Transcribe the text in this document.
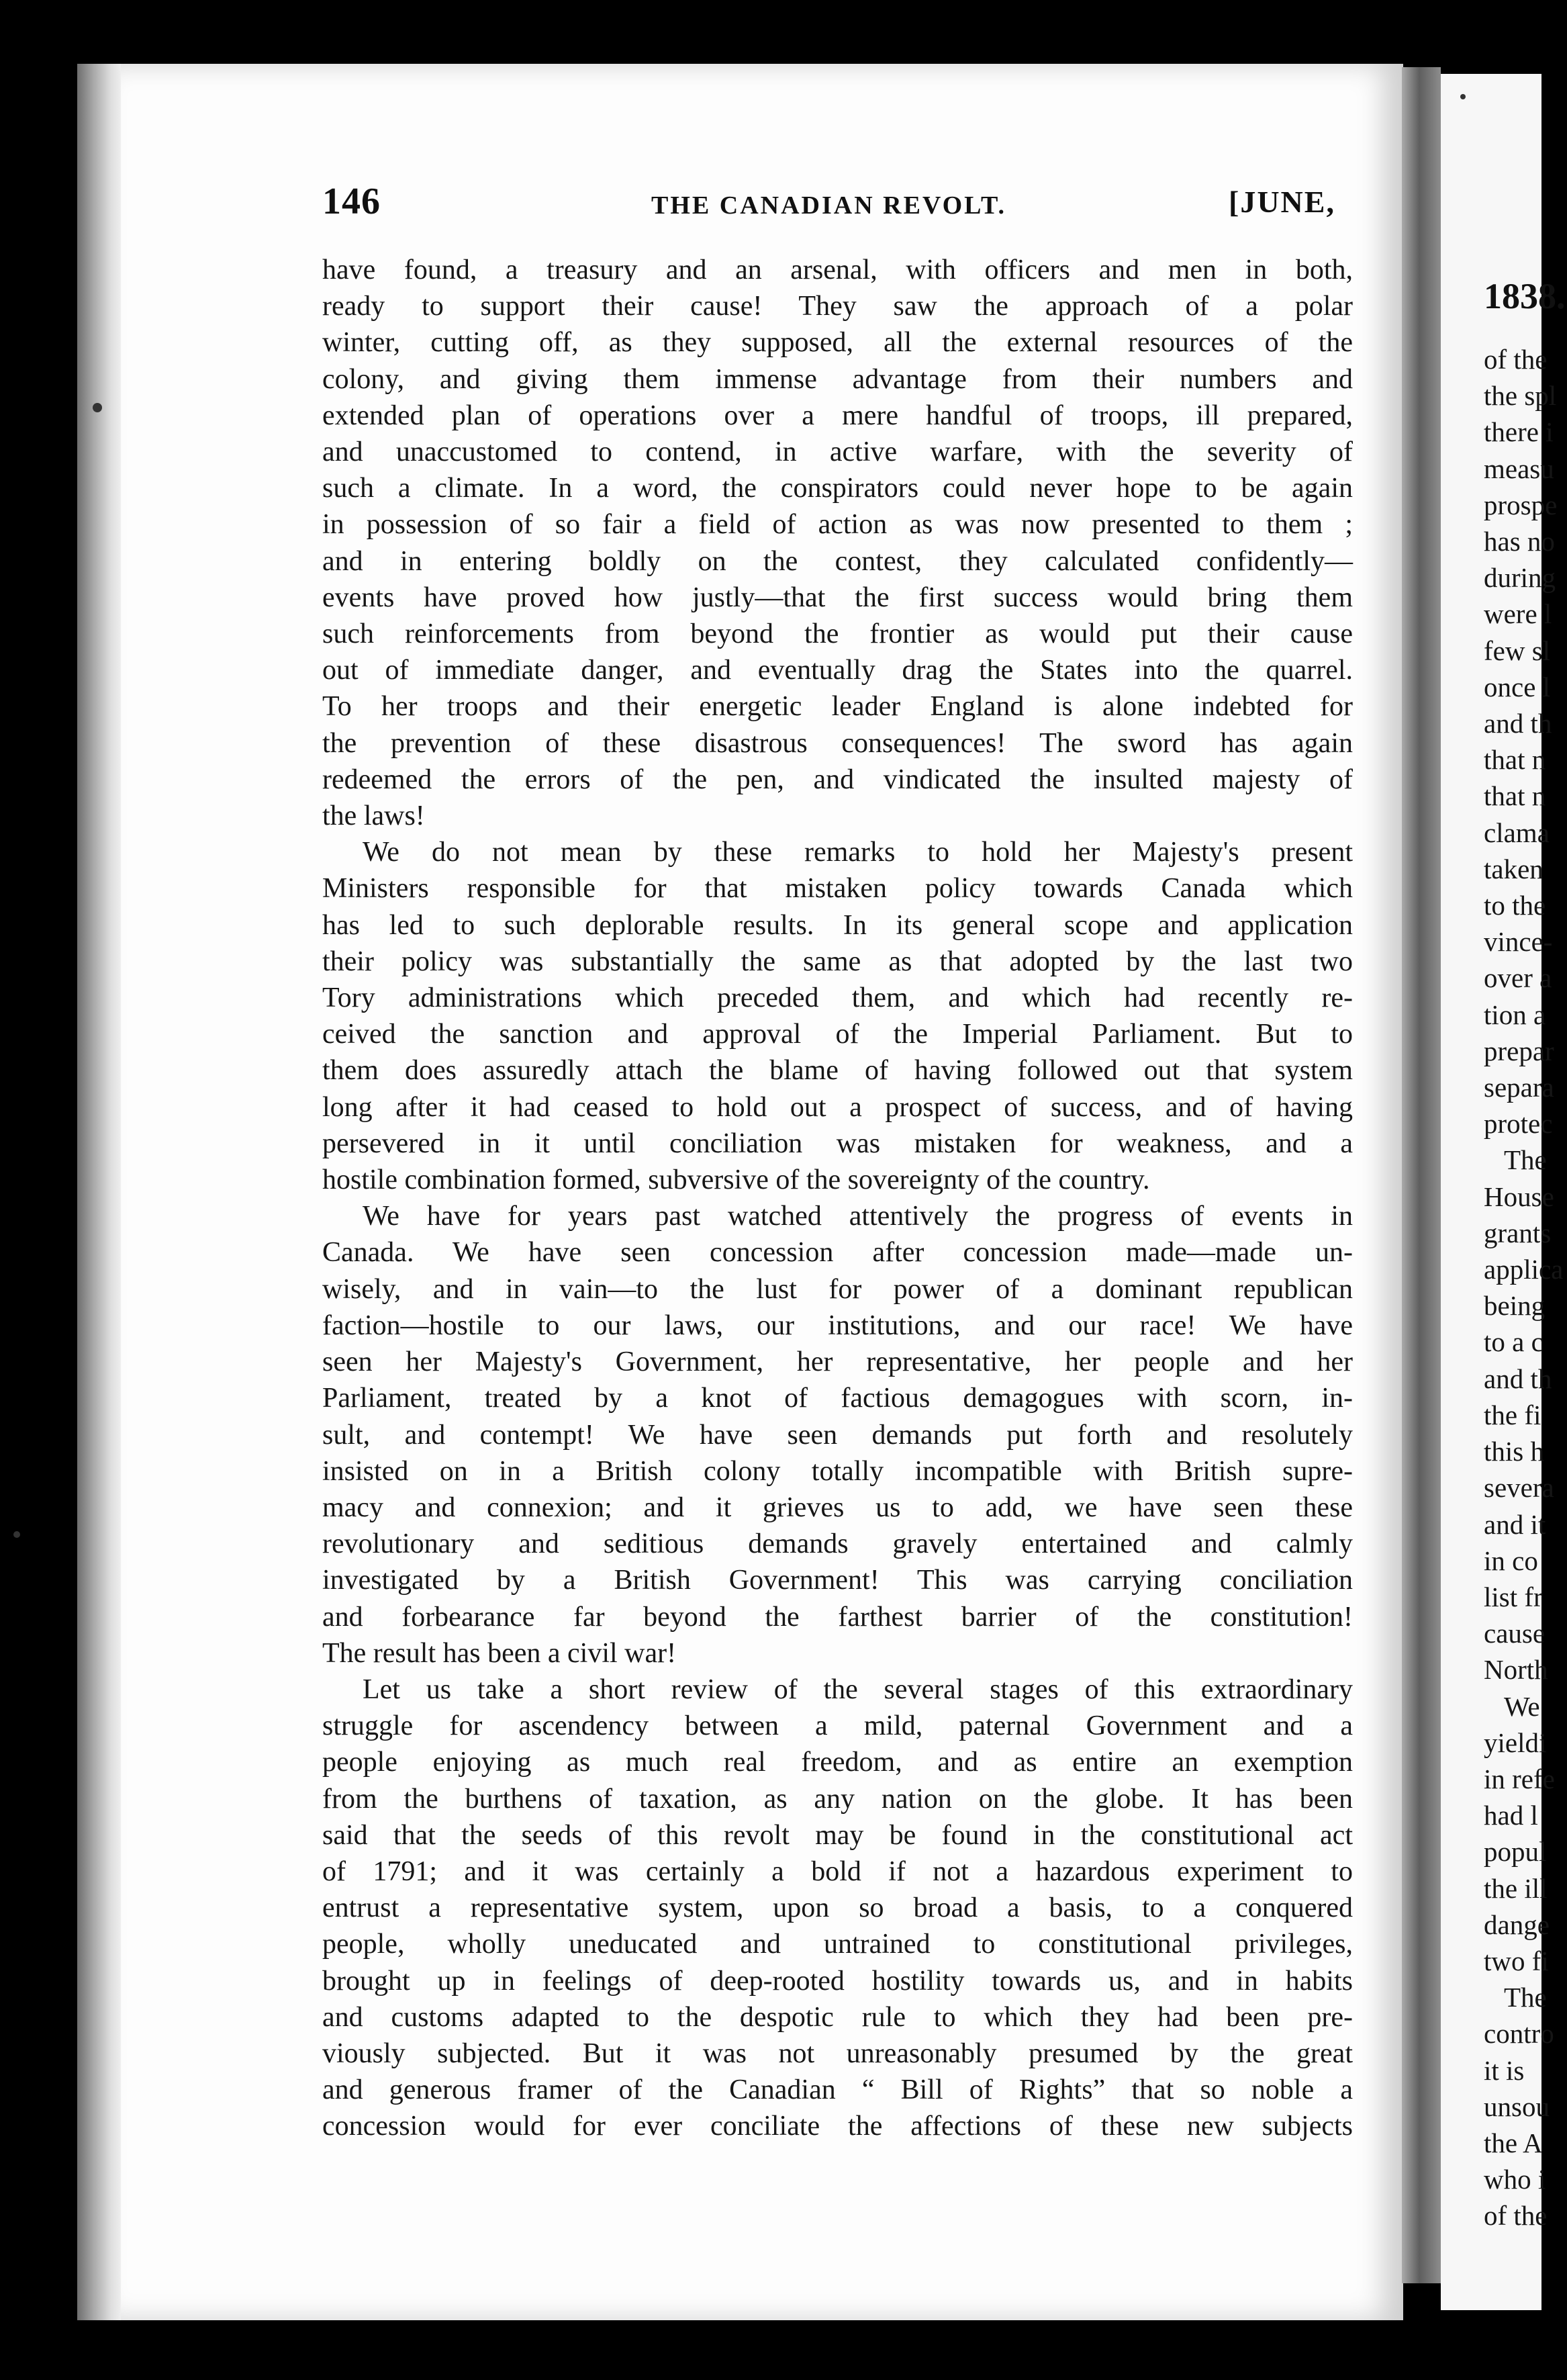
146	THE CANADIAN REVOLT.	[JUNE,
have found, a treasury and an arsenal, with officers and men in both,
ready to support their cause! They saw the approach of a polar
winter, cutting off, as they supposed, all the external resources of the
colony, and giving them immense advantage from their numbers and
extended plan of operations over a mere handful of troops, ill prepared,
and unaccustomed to contend, in active warfare, with the severity of
such a climate. In a word, the conspirators could never hope to be again
in possession of so fair a field of action as was now presented to them ;
and in entering boldly on the contest, they calculated confidently—
events have proved how justly—that the first success would bring them
such reinforcements from beyond the frontier as would put their cause
out of immediate danger, and eventually drag the States into the quarrel.
To her troops and their energetic leader England is alone indebted for
the prevention of these disastrous consequences! The sword has again
redeemed the errors of the pen, and vindicated the insulted majesty of
the laws!
We do not mean by these remarks to hold her Majesty's present
Ministers responsible for that mistaken policy towards Canada which
has led to such deplorable results. In its general scope and application
their policy was substantially the same as that adopted by the last two
Tory administrations which preceded them, and which had recently re-
ceived the sanction and approval of the Imperial Parliament. But to
them does assuredly attach the blame of having followed out that system
long after it had ceased to hold out a prospect of success, and of having
persevered in it until conciliation was mistaken for weakness, and a
hostile combination formed, subversive of the sovereignty of the country.
We have for years past watched attentively the progress of events in
Canada. We have seen concession after concession made—made un-
wisely, and in vain—to the lust for power of a dominant republican
faction—hostile to our laws, our institutions, and our race! We have
seen her Majesty's Government, her representative, her people and her
Parliament, treated by a knot of factious demagogues with scorn, in-
sult, and contempt! We have seen demands put forth and resolutely
insisted on in a British colony totally incompatible with British supre-
macy and connexion; and it grieves us to add, we have seen these
revolutionary and seditious demands gravely entertained and calmly
investigated by a British Government! This was carrying conciliation
and forbearance far beyond the farthest barrier of the constitution!
The result has been a civil war!
Let us take a short review of the several stages of this extraordinary
struggle for ascendency between a mild, paternal Government and a
people enjoying as much real freedom, and as entire an exemption
from the burthens of taxation, as any nation on the globe. It has been
said that the seeds of this revolt may be found in the constitutional act
of 1791; and it was certainly a bold if not a hazardous experiment to
entrust a representative system, upon so broad a basis, to a conquered
people, wholly uneducated and untrained to constitutional privileges,
brought up in feelings of deep-rooted hostility towards us, and in habits
and customs adapted to the despotic rule to which they had been pre-
viously subjected. But it was not unreasonably presumed by the great
and generous framer of the Canadian “ Bill of Rights” that so noble a
concession would for ever conciliate the affections of these new subjects
1838.
of the
the spl
there i
measu
prospe
has no
during
were l
few sl
once l
and th
that n
that n
clama
taken
to the
vince-
over a
tion a
prepar
separa
protec
The
House
grants
applica
being
to a c
and th
the fi
this h
severa
and it
in co
list fr
cause
North
We
yieldi
in refe
had l
popul
the ill
dange
two fi
The
contro
it is
unsou
the A
who i
of the
